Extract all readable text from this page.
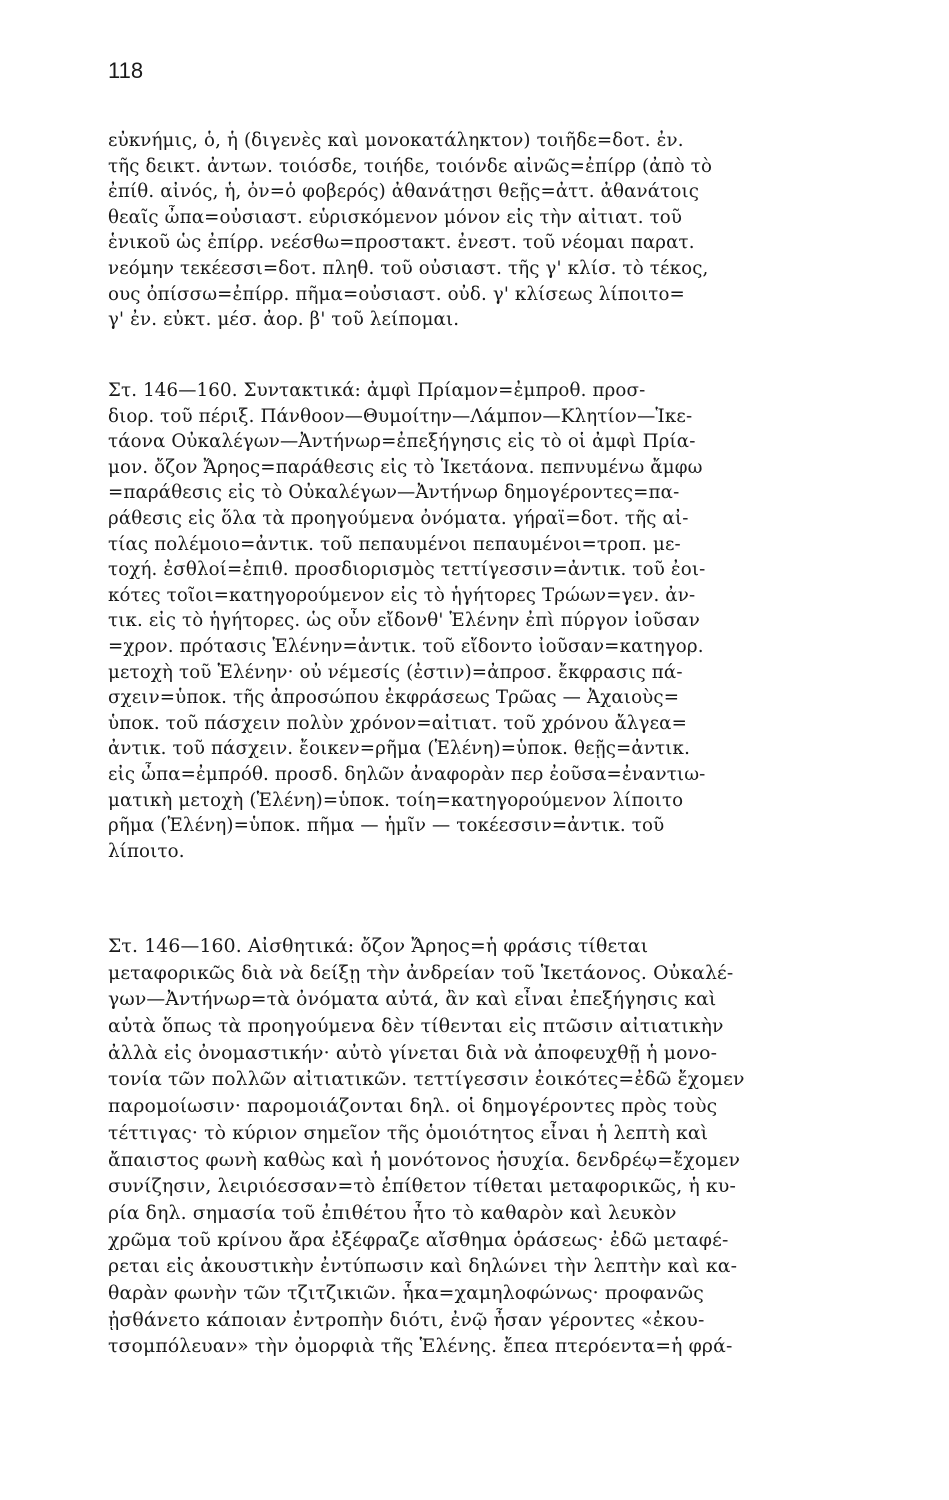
118
εὐκνήμις, ὁ, ἡ (διγενὲς καὶ μονοκατάληκτον) τοιῆδε=δοτ. ἐν.
τῆς δεικτ. ἀντων. τοιόσδε, τοιήδε, τοιόνδε αἰνῶς=ἐπίρρ (ἀπὸ τὸ
ἐπίθ. αἰνός, ἡ, ὀν=ὁ φοβερός) ἀθανάτῃσι θεῇς=ἀττ. ἀθανάτοις
θεαῖς ὦπα=οὐσιαστ. εὑρισκόμενον μόνον εἰς τὴν αἰτιατ. τοῦ
ἑνικοῦ ὡς ἐπίρρ. νεέσθω=προστακτ. ἐνεστ. τοῦ νέομαι παρατ.
νεόμην τεκέεσσι=δοτ. πληθ. τοῦ οὐσιαστ. τῆς γ' κλίσ. τὸ τέκος,
ους ὀπίσσω=ἐπίρρ. πῆμα=οὐσιαστ. οὐδ. γ' κλίσεως λίποιτο=
γ' ἐν. εὐκτ. μέσ. ἀορ. β' τοῦ λείπομαι.
Στ. 146—160. Συντακτικά: ἀμφὶ Πρίαμον=ἐμπροθ. προσ-
διορ. τοῦ πέριξ. Πάνθοον—Θυμοίτην—Λάμπον—Κλητίον—Ἱκε-
τάονα Οὐκαλέγων—Ἀντήνωρ=ἐπεξήγησις εἰς τὸ οἱ ἀμφὶ Πρία-
μον. ὄζον Ἄρηος=παράθεσις εἰς τὸ Ἱκετάονα. πεπνυμένω ἄμφω
=παράθεσις εἰς τὸ Οὐκαλέγων—Ἀντήνωρ δημογέροντες=πα-
ράθεσις εἰς ὅλα τὰ προηγούμενα ὀνόματα. γήραϊ=δοτ. τῆς αἰ-
τίας πολέμοιο=ἀντικ. τοῦ πεπαυμένοι πεπαυμένοι=τροπ. με-
τοχή. ἐσθλοί=ἐπιθ. προσδιορισμὸς τεττίγεσσιν=ἀντικ. τοῦ ἐοι-
κότες τοῖοι=κατηγορούμενον εἰς τὸ ἡγήτορες Τρώων=γεν. ἀν-
τικ. εἰς τὸ ἡγήτορες. ὡς οὖν εἴδονθ' Ἑλένην ἐπὶ πύργον ἰοῦσαν
=χρον. πρότασις Ἑλένην=ἀντικ. τοῦ εἴδοντο ἰοῦσαν=κατηγορ.
μετοχὴ τοῦ Ἑλένην· οὐ νέμεσίς (ἐστιν)=ἀπροσ. ἔκφρασις πά-
σχειν=ὑποκ. τῆς ἀπροσώπου ἐκφράσεως Τρῶας — Ἀχαιοὺς=
ὑποκ. τοῦ πάσχειν πολὺν χρόνον=αἰτιατ. τοῦ χρόνου ἄλγεα=
ἀντικ. τοῦ πάσχειν. ἔοικεν=ρῆμα (Ἑλένη)=ὑποκ. θεῇς=ἀντικ.
εἰς ὦπα=ἐμπρόθ. προσδ. δηλῶν ἀναφορὰν περ ἐοῦσα=ἐναντιω-
ματικὴ μετοχὴ (Ἑλένη)=ὑποκ. τοίη=κατηγορούμενον λίποιτο
ρῆμα (Ἑλένη)=ὑποκ. πῆμα — ἡμῖν — τοκέεσσιν=ἀντικ. τοῦ
λίποιτο.
Στ. 146—160. Αἰσθητικά: ὄζον Ἄρηος=ἡ φράσις τίθεται
μεταφορικῶς διὰ νὰ δείξῃ τὴν ἀνδρείαν τοῦ Ἱκετάονος. Οὐκαλέ-
γων—Ἀντήνωρ=τὰ ὀνόματα αὐτά, ἂν καὶ εἶναι ἐπεξήγησις καὶ
αὐτὰ ὅπως τὰ προηγούμενα δὲν τίθενται εἰς πτῶσιν αἰτιατικὴν
ἀλλὰ εἰς ὀνομαστικήν· αὐτὸ γίνεται διὰ νὰ ἀποφευχθῇ ἡ μονο-
τονία τῶν πολλῶν αἰτιατικῶν. τεττίγεσσιν ἐοικότες=ἐδῶ ἔχομεν
παρομοίωσιν· παρομοιάζονται δηλ. οἱ δημογέροντες πρὸς τοὺς
τέττιγας· τὸ κύριον σημεῖον τῆς ὁμοιότητος εἶναι ἡ λεπτὴ καὶ
ἄπαιστος φωνὴ καθὼς καὶ ἡ μονότονος ἡσυχία. δενδρέῳ=ἔχομεν
συνίζησιν, λειριόεσσαν=τὸ ἐπίθετον τίθεται μεταφορικῶς, ἡ κυ-
ρία δηλ. σημασία τοῦ ἐπιθέτου ἦτο τὸ καθαρὸν καὶ λευκὸν
χρῶμα τοῦ κρίνου ἄρα ἐξέφραζε αἴσθημα ὁράσεως· ἐδῶ μεταφέ-
ρεται εἰς ἀκουστικὴν ἐντύπωσιν καὶ δηλώνει τὴν λεπτὴν καὶ κα-
θαρὰν φωνὴν τῶν τζιτζικιῶν. ἧκα=χαμηλοφώνως· προφανῶς
ᾐσθάνετο κάποιαν ἐντροπὴν διότι, ἐνῷ ἦσαν γέροντες «ἐκου-
τσομπόλευαν» τὴν ὀμορφιὰ τῆς Ἑλένης. ἔπεα πτερόεντα=ἡ φρά-
